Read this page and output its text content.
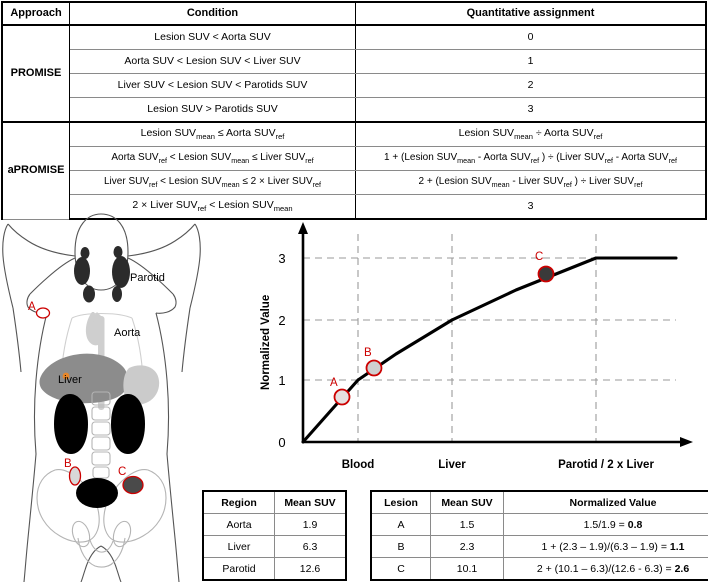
Approach	Condition	Quantitative assignment
PROMISE	Lesion SUV < Aorta SUV	0
	Aorta SUV < Lesion SUV < Liver SUV	1
	Liver SUV < Lesion SUV < Parotids SUV	2
	Lesion SUV > Parotids SUV	3
aPROMISE	Lesion $SUV_{mean}$ ≤ Aorta $SUV_{ref}$	Lesion $SUV_{mean}$ ÷ Aorta $SUV_{ref}$
	Aorta $SUV_{ref}$ < Lesion $SUV_{mean}$ ≤ Liver $SUV_{ref}$	1 + (Lesion $SUV_{mean}$ - Aorta $SUV_{ref}$ ) ÷ (Liver $SUV_{ref}$ - Aorta $SUV_{ref}$
	Liver $SUV_{ref}$ < Lesion $SUV_{mean} \le 2$ × Liver $SUV_{ref}$	2 + (Lesion $SUV_{mean}$ - Liver $SUV_{ref}$ ) ÷ Liver $SUV_{ref}$
	2 × Liver $SUV_{ref}$ < Lesion $SUV_{mean}$	3
Parotid
Aorta
Liver
A
B
C
A
B
C
0
1
2
3
Normalized Value
Blood	Liver	Parotid / 2 x Liver
Region	Mean SUV
Aorta	1.9
Liver	6.3
Parotid	12.6
Lesion	Mean SUV	Normalized Value
A	1.5	1.5/1.9 = 0.8
B	2.3	1 + (2.3 – 1.9)/(6.3 – 1.9) = 1.1
C	10.1	2 + (10.1 – 6.3)/(12.6 - 6.3) = 2.6
